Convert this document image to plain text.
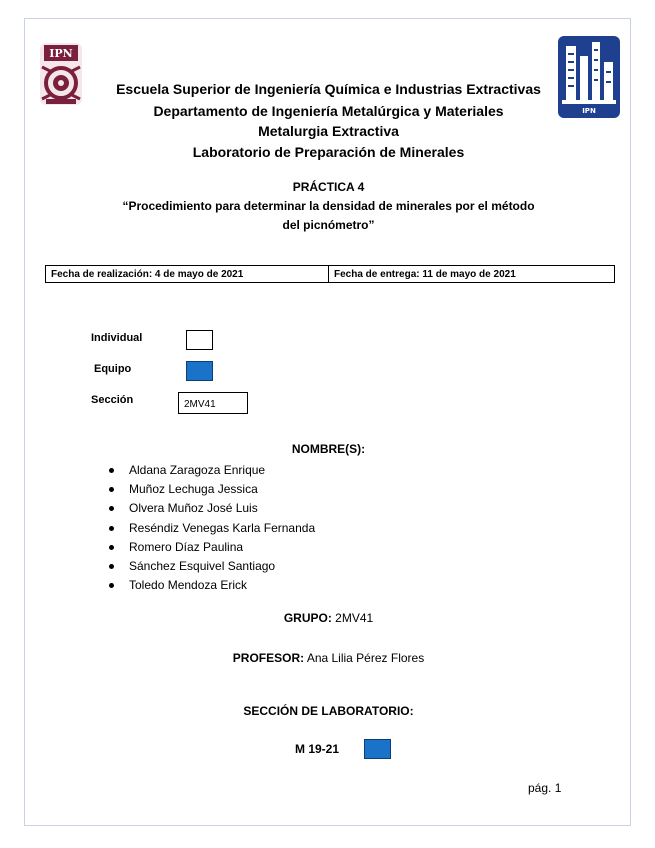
IPN
IPN
Escuela Superior de Ingeniería Química e Industrias Extractivas
Departamento de Ingeniería Metalúrgica y Materiales
Metalurgia Extractiva
Laboratorio de Preparación de Minerales
PRÁCTICA 4
“Procedimiento para determinar la densidad de minerales por el método
del picnómetro”
Fecha de realización: 4 de mayo de 2021	Fecha de entrega: 11 de mayo de 2021
Individual
Equipo
Sección	2MV41
NOMBRE(S):
Aldana Zaragoza Enrique
Muñoz Lechuga Jessica
Olvera Muñoz José Luis
Reséndiz Venegas Karla Fernanda
Romero Díaz Paulina
Sánchez Esquivel Santiago
Toledo Mendoza Erick
GRUPO: 2MV41
PROFESOR: Ana Lilia Pérez Flores
SECCIÓN DE LABORATORIO:
M 19-21
pág. 1
